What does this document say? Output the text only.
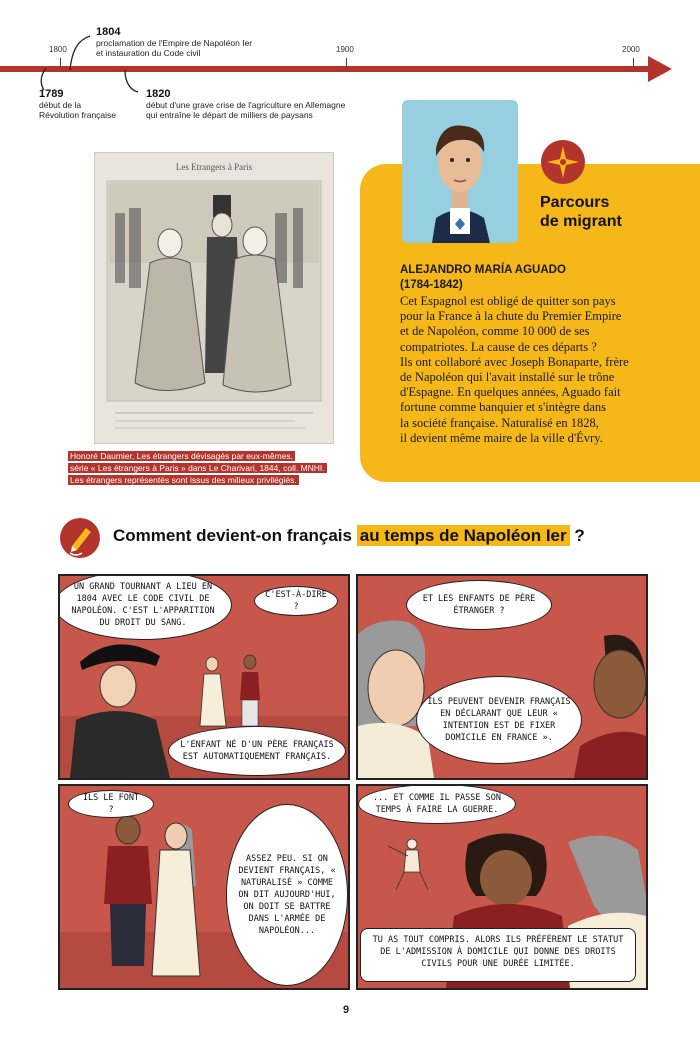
1800	1900	2000
1804
proclamation de l'Empire de Napoléon Ier
et instauration du Code civil
1789
début de la
Révolution française
1820
début d'une grave crise de l'agriculture en Allemagne
qui entraîne le départ de milliers de paysans
Les Etrangers à Paris
Honoré Daumier, Les étrangers dévisagés par eux-mêmes,
série « Les étrangers à Paris » dans Le Charivari, 1844, coll. MNHI.
Les étrangers représentés sont issus des milieux privilégiés.
Parcours
de migrant
ALEJANDRO MARÍA AGUADO
(1784-1842)
Cet Espagnol est obligé de quitter son pays
pour la France à la chute du Premier Empire
et de Napoléon, comme 10 000 de ses
compatriotes. La cause de ces départs ?
Ils ont collaboré avec Joseph Bonaparte, frère
de Napoléon qui l'avait installé sur le trône
d'Espagne. En quelques années, Aguado fait
fortune comme banquier et s'intègre dans
la société française. Naturalisé en 1828,
il devient même maire de la ville d'Évry.
Comment devient-on français au temps de Napoléon Ier ?
UN GRAND TOURNANT A LIEU EN 1804 AVEC LE CODE CIVIL DE NAPOLÉON. C'EST L'APPARITION DU DROIT DU SANG.
C'EST-À-DIRE ?
L'ENFANT NÉ D'UN PÈRE FRANÇAIS EST AUTOMATIQUEMENT FRANÇAIS.
ET LES ENFANTS DE PÈRE ÉTRANGER ?
ILS PEUVENT DEVENIR FRANÇAIS EN DÉCLARANT QUE LEUR « INTENTION EST DE FIXER DOMICILE EN FRANCE ».
ILS LE FONT ?
ASSEZ PEU. SI ON DEVIENT FRANÇAIS, « NATURALISÉ » COMME ON DIT AUJOURD'HUI, ON DOIT SE BATTRE DANS L'ARMÉE DE NAPOLÉON...
... ET COMME IL PASSE SON TEMPS À FAIRE LA GUERRE.
TU AS TOUT COMPRIS. ALORS ILS PRÉFÈRENT LE STATUT DE L'ADMISSION À DOMICILE QUI DONNE DES DROITS CIVILS POUR UNE DURÉE LIMITÉE.
9
